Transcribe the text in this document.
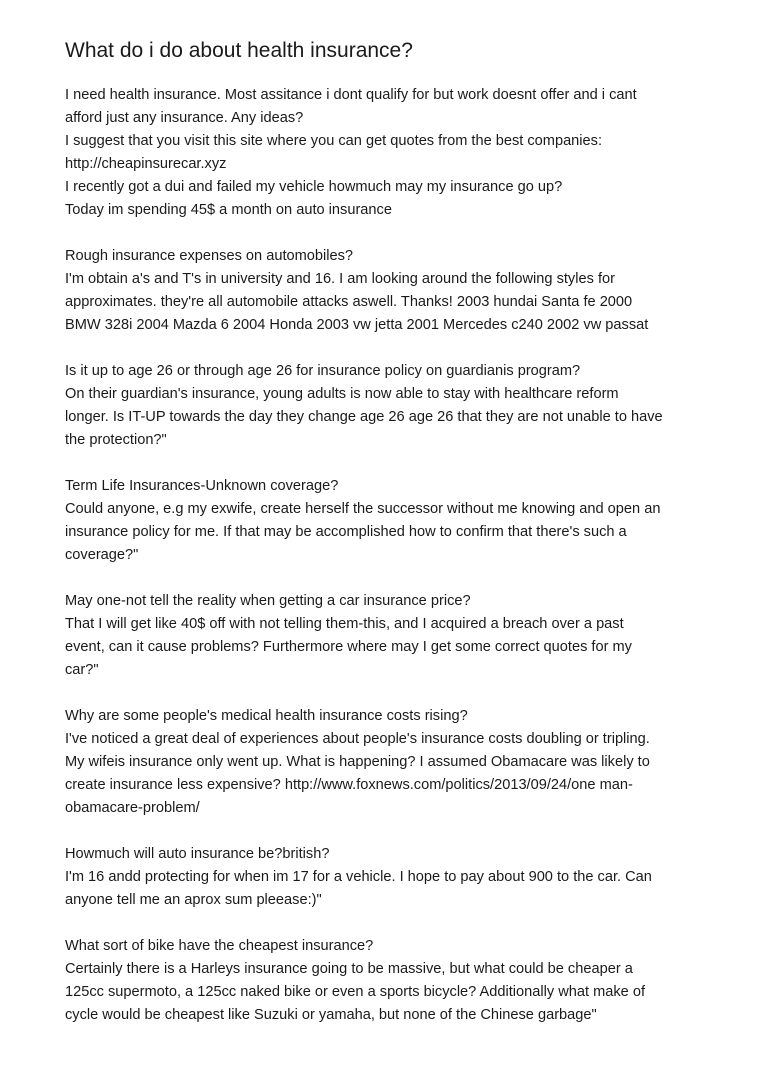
What do i do about health insurance?
I need health insurance. Most assitance i dont qualify for but work doesnt offer and i cant
afford just any insurance. Any ideas?
I suggest that you visit this site where you can get quotes from the best companies:
http://cheapinsurecar.xyz
I recently got a dui and failed my vehicle howmuch may my insurance go up?
Today im spending 45$ a month on auto insurance
Rough insurance expenses on automobiles?
I'm obtain a's and T's in university and 16. I am looking around the following styles for
approximates. they're all automobile attacks aswell. Thanks! 2003 hundai Santa fe 2000
BMW 328i 2004 Mazda 6 2004 Honda 2003 vw jetta 2001 Mercedes c240 2002 vw passat
Is it up to age 26 or through age 26 for insurance policy on guardianis program?
On their guardian's insurance, young adults is now able to stay with healthcare reform
longer. Is IT-UP towards the day they change age 26 age 26 that they are not unable to have
the protection?"
Term Life Insurances-Unknown coverage?
Could anyone, e.g my exwife, create herself the successor without me knowing and open an
insurance policy for me. If that may be accomplished how to confirm that there's such a
coverage?"
May one-not tell the reality when getting a car insurance price?
That I will get like 40$ off with not telling them-this, and I acquired a breach over a past
event, can it cause problems? Furthermore where may I get some correct quotes for my
car?"
Why are some people's medical health insurance costs rising?
I've noticed a great deal of experiences about people's insurance costs doubling or tripling.
My wifeis insurance only went up. What is happening? I assumed Obamacare was likely to
create insurance less expensive? http://www.foxnews.com/politics/2013/09/24/one man-
obamacare-problem/
Howmuch will auto insurance be?british?
I'm 16 andd protecting for when im 17 for a vehicle. I hope to pay about 900 to the car. Can
anyone tell me an aprox sum pleease:)"
What sort of bike have the cheapest insurance?
Certainly there is a Harleys insurance going to be massive, but what could be cheaper a
125cc supermoto, a 125cc naked bike or even a sports bicycle? Additionally what make of
cycle would be cheapest like Suzuki or yamaha, but none of the Chinese garbage"
